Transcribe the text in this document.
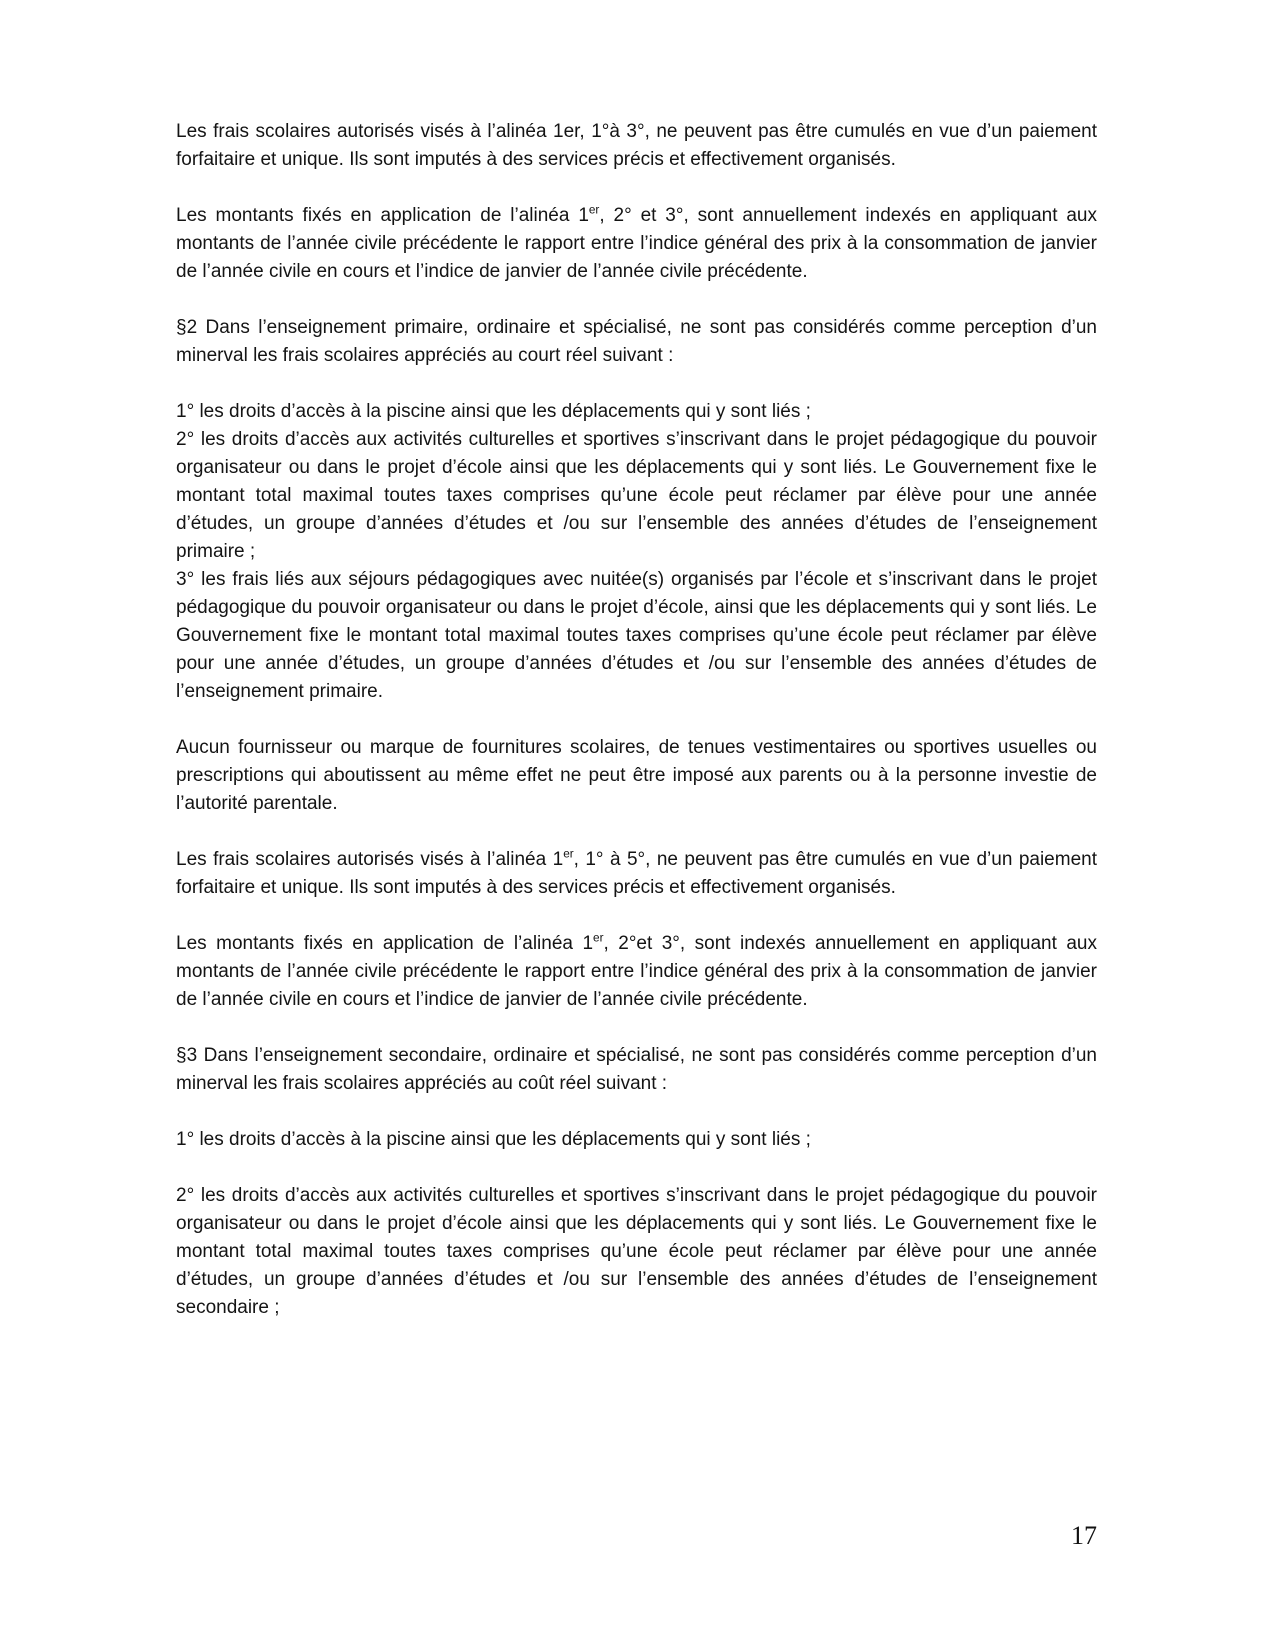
Les frais scolaires autorisés visés à l’alinéa 1er, 1°à 3°, ne peuvent pas être cumulés en vue d’un paiement forfaitaire et unique. Ils sont imputés à des services précis et effectivement organisés.

Les montants fixés en application de l’alinéa 1er, 2° et 3°, sont annuellement indexés en appliquant aux montants de l’année civile précédente le rapport entre l’indice général des prix à la consommation de janvier de l’année civile en cours et l’indice de janvier de l’année civile précédente.

§2 Dans l’enseignement primaire, ordinaire et spécialisé, ne sont pas considérés comme perception d’un minerval les frais scolaires appréciés au court réel suivant :

1° les droits d’accès à la piscine ainsi que les déplacements qui y sont liés ;

2° les droits d’accès aux activités culturelles et sportives s’inscrivant dans le projet pédagogique du pouvoir organisateur ou dans le projet d’école ainsi que les déplacements qui y sont liés. Le Gouvernement fixe le montant total maximal toutes taxes comprises qu’une école peut réclamer par élève pour une année d’études, un groupe d’années d’études et /ou sur l’ensemble des années d’études de l’enseignement primaire ;

3° les frais liés aux séjours pédagogiques avec nuitée(s) organisés par l’école et s’inscrivant dans le projet pédagogique du pouvoir organisateur ou dans le projet d’école, ainsi que les déplacements qui y sont liés. Le Gouvernement fixe le montant total maximal toutes taxes comprises qu’une école peut réclamer par élève pour une année d’études, un groupe d’années d’études et /ou sur l’ensemble des années d’études de l’enseignement primaire.

Aucun fournisseur ou marque de fournitures scolaires, de tenues vestimentaires ou sportives usuelles ou prescriptions qui aboutissent au même effet ne peut être imposé aux parents ou à la personne investie de l’autorité parentale.

Les frais scolaires autorisés visés à l’alinéa 1er, 1° à 5°, ne peuvent pas être cumulés en vue d’un paiement forfaitaire et unique. Ils sont imputés à des services précis et effectivement organisés.

Les montants fixés en application de l’alinéa 1er, 2°et 3°, sont indexés annuellement en appliquant aux montants de l’année civile précédente le rapport entre l’indice général des prix à la consommation de janvier de l’année civile en cours et l’indice de janvier de l’année civile précédente.

§3 Dans l’enseignement secondaire, ordinaire et spécialisé, ne sont pas considérés comme perception d’un minerval les frais scolaires appréciés au coût réel suivant :

1° les droits d’accès à la piscine ainsi que les déplacements qui y sont liés ;

2° les droits d’accès aux activités culturelles et sportives s’inscrivant dans le projet pédagogique du pouvoir organisateur ou dans le projet d’école ainsi que les déplacements qui y sont liés. Le Gouvernement fixe le montant total maximal toutes taxes comprises qu’une école peut réclamer par élève pour une année d’études, un groupe d’années d’études et /ou sur l’ensemble des années d’études de l’enseignement secondaire ;

17
